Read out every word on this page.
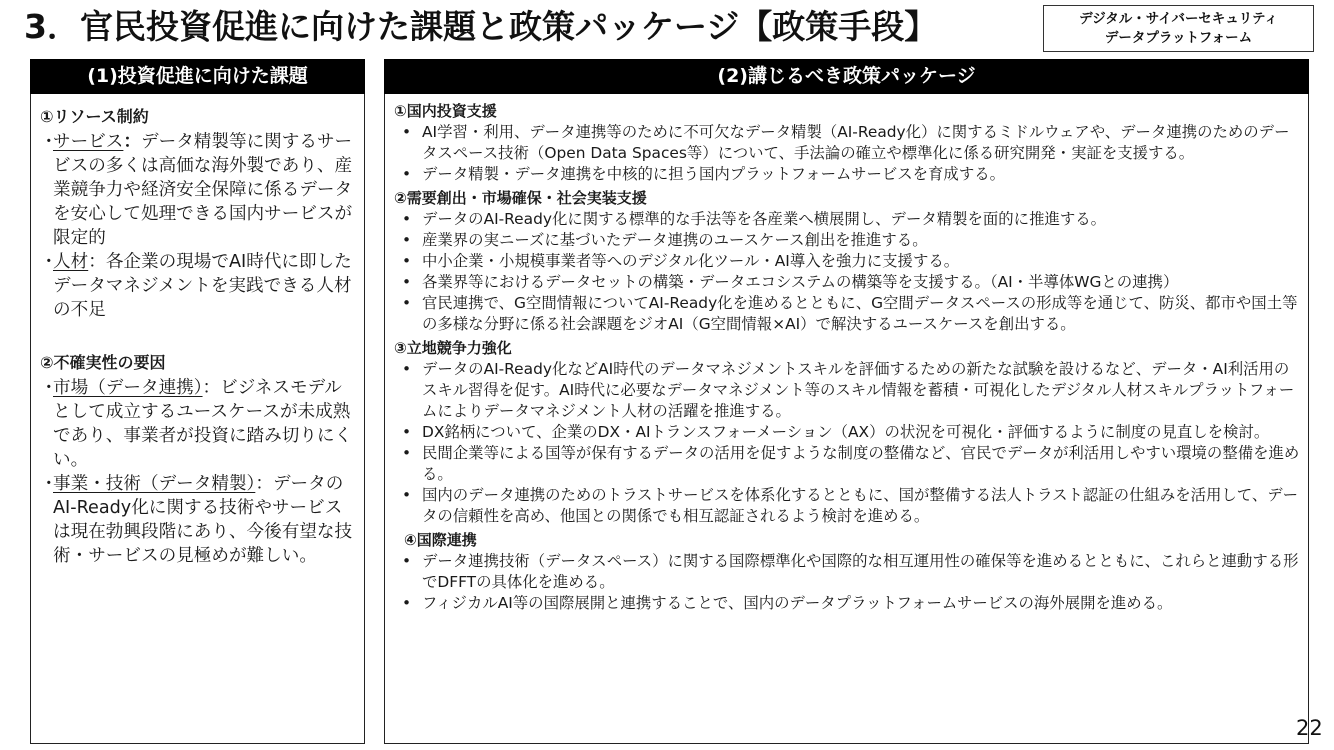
3．官民投資促進に向けた課題と政策パッケージ【政策手段】	デジタル・サイバーセキュリティ
データプラットフォーム
(1)投資促進に向けた課題	(2)講じるべき政策パッケージ
①リソース制約
・
サービス：データ精製等に関するサービスの多くは高価な海外製であり、産業競争力や経済安全保障に係るデータを安心して処理できる国内サービスが限定的
・
人材：各企業の現場でAI時代に即したデータマネジメントを実践できる人材の不足
②不確実性の要因
・
市場（データ連携）：ビジネスモデルとして成立するユースケースが未成熟であり、事業者が投資に踏み切りにくい。
・
事業・技術（データ精製）：データのAI-Ready化に関する技術やサービスは現在勃興段階にあり、今後有望な技術・サービスの見極めが難しい。
①国内投資支援
• AI学習・利用、データ連携等のために不可欠なデータ精製（AI-Ready化）に関するミドルウェアや、データ連携のためのデータスペース技術（Open Data Spaces等）について、手法論の確立や標準化に係る研究開発・実証を支援する。
• データ精製・データ連携を中核的に担う国内プラットフォームサービスを育成する。
②需要創出・市場確保・社会実装支援
• データのAI-Ready化に関する標準的な手法等を各産業へ横展開し、データ精製を面的に推進する。
• 産業界の実ニーズに基づいたデータ連携のユースケース創出を推進する。
• 中小企業・小規模事業者等へのデジタル化ツール・AI導入を強力に支援する。
• 各業界等におけるデータセットの構築・データエコシステムの構築等を支援する。（AI・半導体WGとの連携）
• 官民連携で、G空間情報についてAI-Ready化を進めるとともに、G空間データスペースの形成等を通じて、防災、都市や国土等の多様な分野に係る社会課題をジオAI（G空間情報×AI）で解決するユースケースを創出する。
③立地競争力強化
• データのAI-Ready化などAI時代のデータマネジメントスキルを評価するための新たな試験を設けるなど、データ・AI利活用のスキル習得を促す。AI時代に必要なデータマネジメント等のスキル情報を蓄積・可視化したデジタル人材スキルプラットフォームによりデータマネジメント人材の活躍を推進する。
• DX銘柄について、企業のDX・AIトランスフォーメーション（AX）の状況を可視化・評価するように制度の見直しを検討。
• 民間企業等による国等が保有するデータの活用を促すような制度の整備など、官民でデータが利活用しやすい環境の整備を進める。
• 国内のデータ連携のためのトラストサービスを体系化するとともに、国が整備する法人トラスト認証の仕組みを活用して、データの信頼性を高め、他国との関係でも相互認証されるよう検討を進める。
④国際連携
• データ連携技術（データスペース）に関する国際標準化や国際的な相互運用性の確保等を進めるとともに、これらと連動する形でDFFTの具体化を進める。
• フィジカルAI等の国際展開と連携することで、国内のデータプラットフォームサービスの海外展開を進める。
22
